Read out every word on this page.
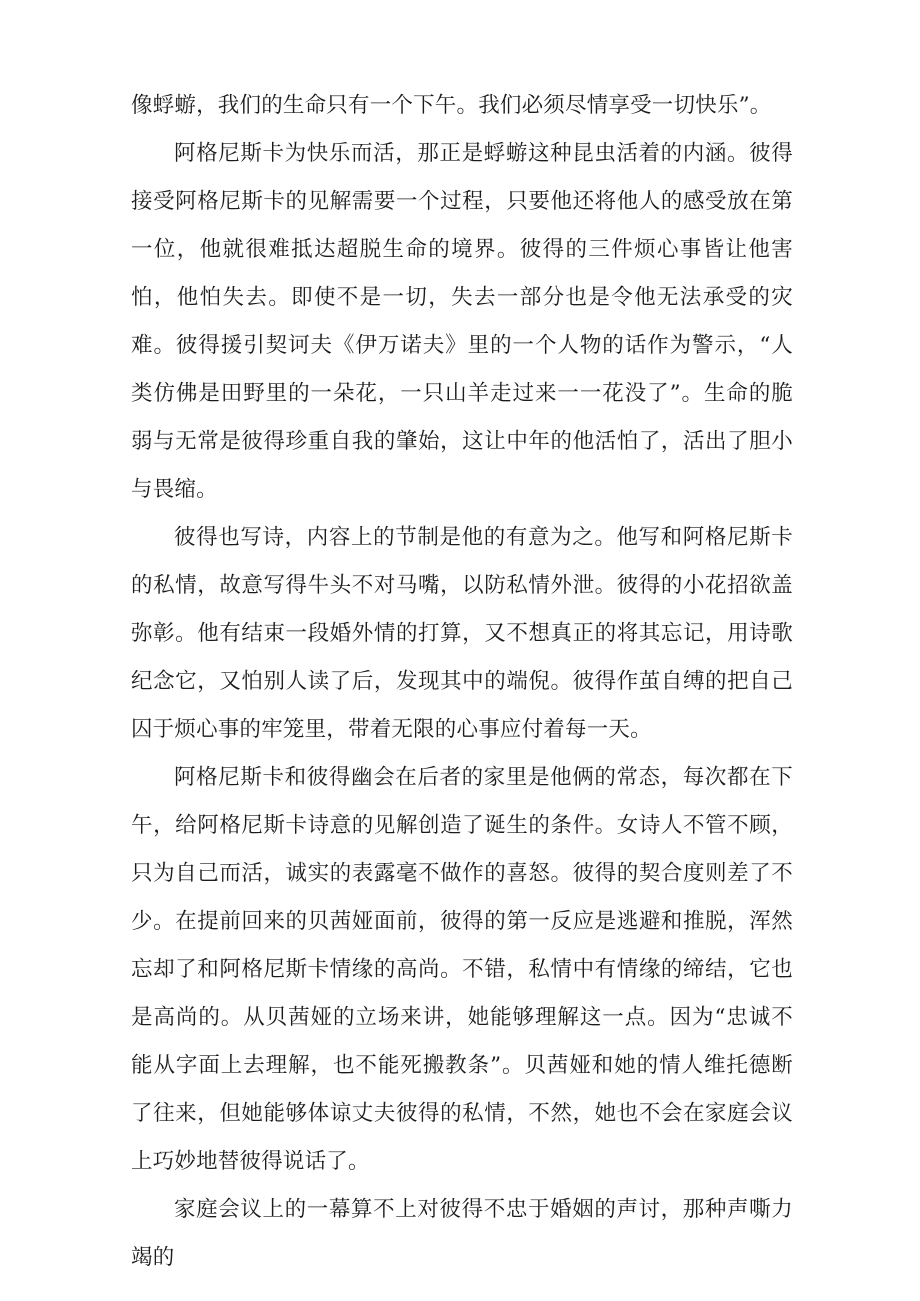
像蜉蝣，我们的生命只有一个下午。我们必须尽情享受一切快乐”。

阿格尼斯卡为快乐而活，那正是蜉蝣这种昆虫活着的内涵。彼得接受阿格尼斯卡的见解需要一个过程，只要他还将他人的感受放在第一位，他就很难抵达超脱生命的境界。彼得的三件烦心事皆让他害怕，他怕失去。即使不是一切，失去一部分也是令他无法承受的灾难。彼得援引契诃夫《伊万诺夫》里的一个人物的话作为警示，“人类仿佛是田野里的一朵花，一只山羊走过来一一花没了”。生命的脆弱与无常是彼得珍重自我的肇始，这让中年的他活怕了，活出了胆小与畏缩。

彼得也写诗，内容上的节制是他的有意为之。他写和阿格尼斯卡的私情，故意写得牛头不对马嘴，以防私情外泄。彼得的小花招欲盖弥彰。他有结束一段婚外情的打算，又不想真正的将其忘记，用诗歌纪念它，又怕别人读了后，发现其中的端倪。彼得作茧自缚的把自己囚于烦心事的牢笼里，带着无限的心事应付着每一天。

阿格尼斯卡和彼得幽会在后者的家里是他俩的常态，每次都在下午，给阿格尼斯卡诗意的见解创造了诞生的条件。女诗人不管不顾，只为自己而活，诚实的表露毫不做作的喜怒。彼得的契合度则差了不少。在提前回来的贝茜娅面前，彼得的第一反应是逃避和推脱，浑然忘却了和阿格尼斯卡情缘的高尚。不错，私情中有情缘的缔结，它也是高尚的。从贝茜娅的立场来讲，她能够理解这一点。因为“忠诚不能从字面上去理解，也不能死搬教条”。贝茜娅和她的情人维托德断了往来，但她能够体谅丈夫彼得的私情，不然，她也不会在家庭会议上巧妙地替彼得说话了。

家庭会议上的一幕算不上对彼得不忠于婚姻的声讨，那种声嘶力竭的
